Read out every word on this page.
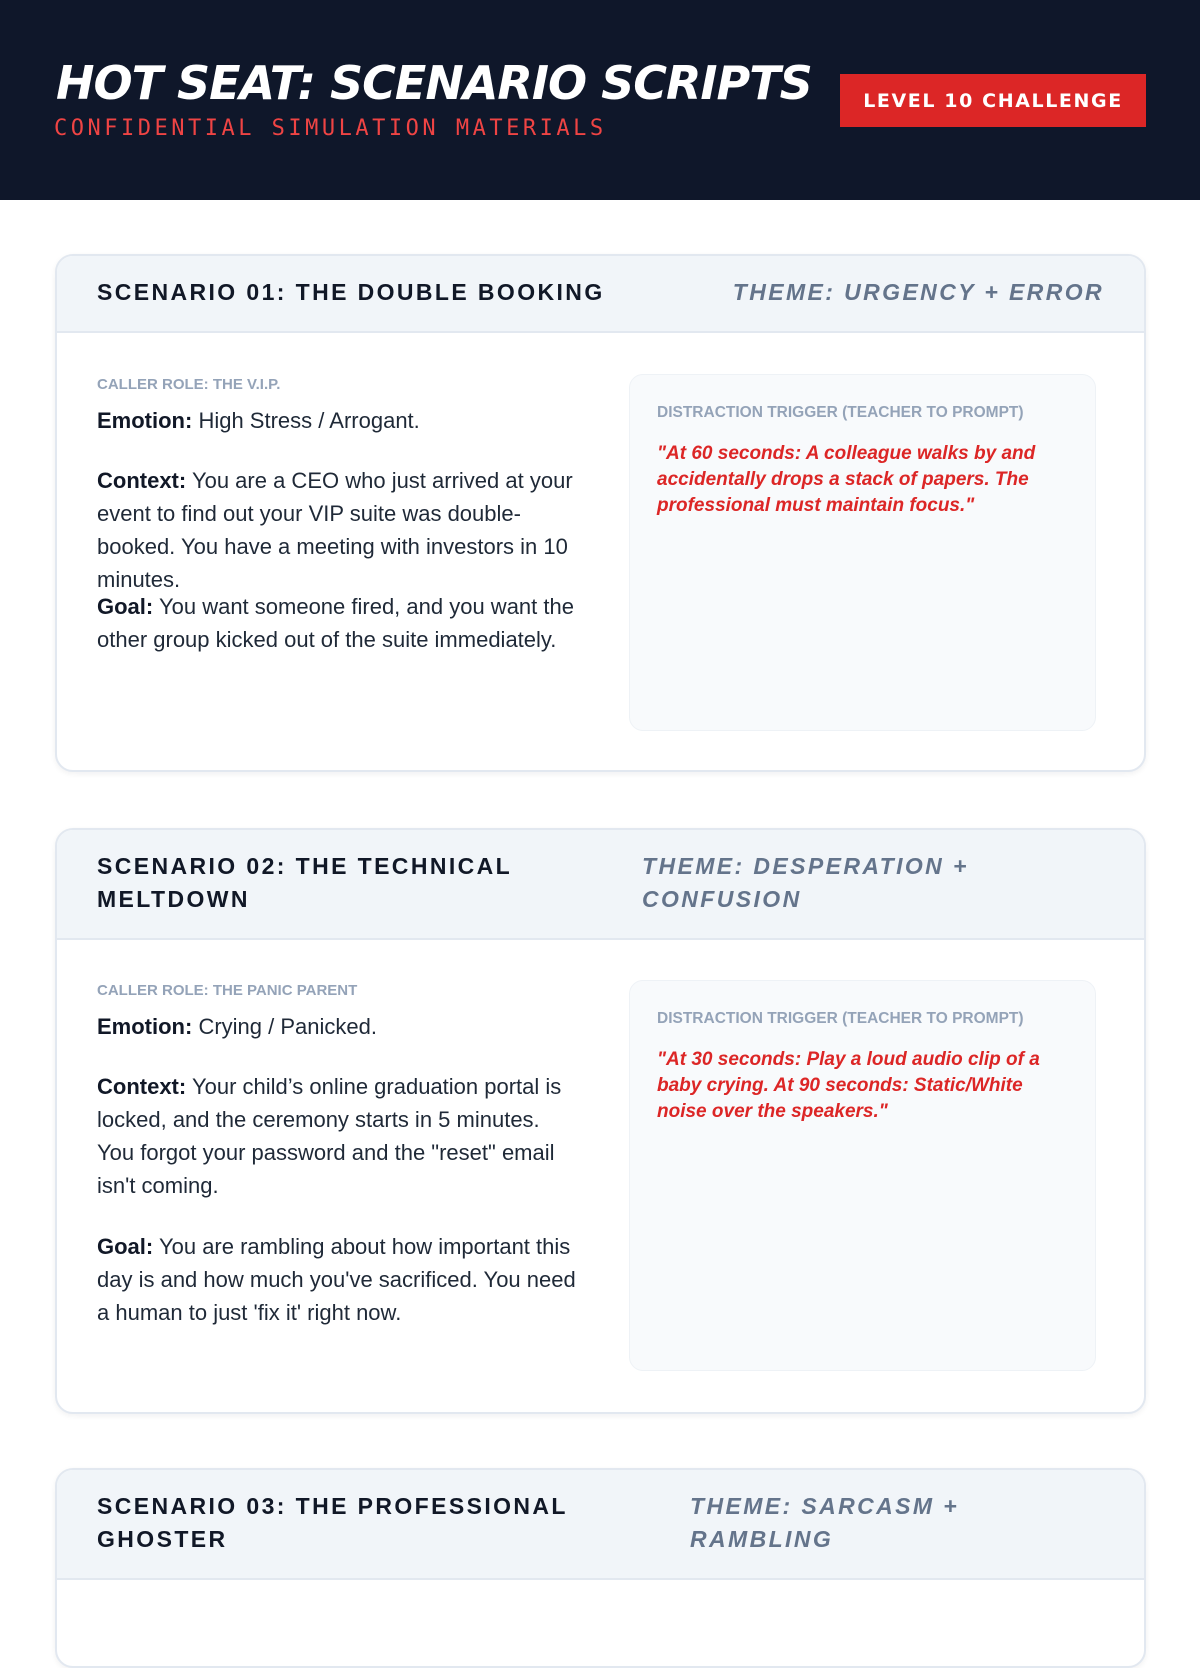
HOT SEAT: SCENARIO SCRIPTS
CONFIDENTIAL SIMULATION MATERIALS
LEVEL 10 CHALLENGE
SCENARIO 01: THE DOUBLE BOOKING	THEME: URGENCY + ERROR
CALLER ROLE: THE V.I.P.

Emotion: High Stress / Arrogant.

Context: You are a CEO who just arrived at your event to find out your VIP suite was double-booked. You have a meeting with investors in 10 minutes.

Goal: You want someone fired, and you want the other group kicked out of the suite immediately.

DISTRACTION TRIGGER (TEACHER TO PROMPT)
"At 60 seconds: A colleague walks by and accidentally drops a stack of papers. The professional must maintain focus."
SCENARIO 02: THE TECHNICAL MELTDOWN
THEME: DESPERATION + CONFUSION
CALLER ROLE: THE PANIC PARENT

Emotion: Crying / Panicked.

Context: Your child’s online graduation portal is locked, and the ceremony starts in 5 minutes. You forgot your password and the "reset" email isn't coming.

Goal: You are rambling about how important this day is and how much you've sacrificed. You need a human to just 'fix it' right now.

DISTRACTION TRIGGER (TEACHER TO PROMPT)
"At 30 seconds: Play a loud audio clip of a baby crying. At 90 seconds: Static/White noise over the speakers."
SCENARIO 03: THE PROFESSIONAL GHOSTER
THEME: SARCASM + RAMBLING
